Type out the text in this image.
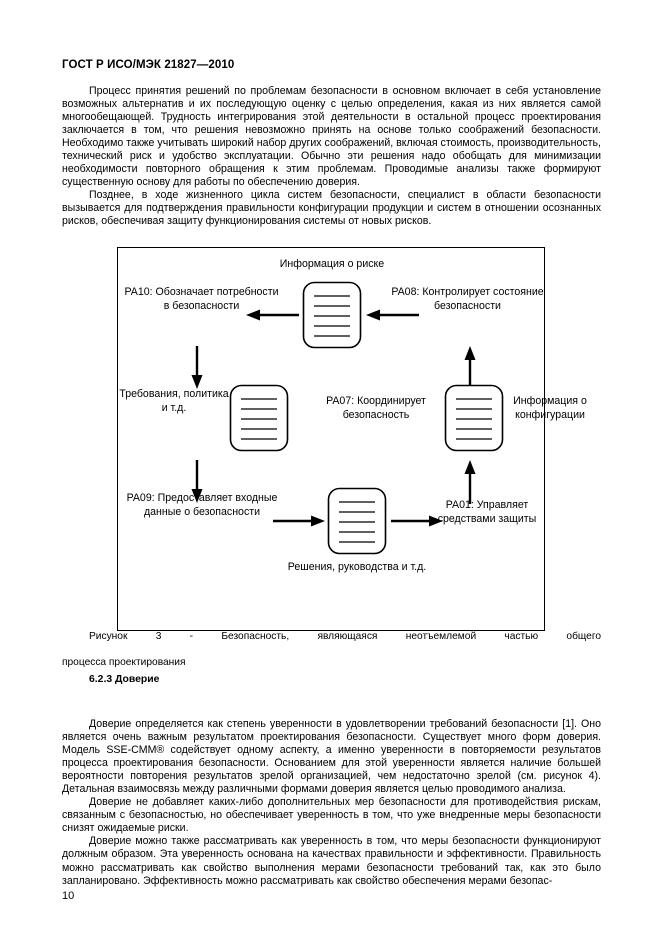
ГОСТ Р ИСО/МЭК 21827—2010

Процесс принятия решений по проблемам безопасности в основном включает в себя установление возможных альтернатив и их последующую оценку с целью определения, какая из них является самой многообещающей. Трудность интегрирования этой деятельности в остальной процесс проектирования заключается в том, что решения невозможно принять на основе только соображений безопасности. Необходимо также учитывать широкий набор других соображений, включая стоимость, производительность, технический риск и удобство эксплуатации. Обычно эти решения надо обобщать для минимизации необходимости повторного обращения к этим проблемам. Проводимые анализы также формируют существенную основу для работы по обеспечению доверия.

Позднее, в ходе жизненного цикла систем безопасности, специалист в области безопасности вызывается для подтверждения правильности конфигурации продукции и систем в отношении осознанных рисков, обеспечивая защиту функционирования системы от новых рисков.

Информация о риске
PA10: Обозначает потребности в безопасности
PA08: Контролирует состояние безопасности
Требования, политика и т.д.
PA07: Координирует безопасность
Информация о конфигурации
PA09: Предоставляет входные данные о безопасности
PA01: Управляет средствами защиты
Решения, руководства и т.д.
Рисунок 3 - Безопасность, являющаяся неотъемлемой частью общего
процесса проектирования
6.2.3 Доверие

Доверие определяется как степень уверенности в удовлетворении требований безопасности [1]. Оно является очень важным результатом проектирования безопасности. Существует много форм доверия. Модель SSE-CMM® содействует одному аспекту, а именно уверенности в повторяемости результатов процесса проектирования безопасности. Основанием для этой уверенности является наличие большей вероятности повторения результатов зрелой организацией, чем недостаточно зрелой (см. рисунок 4). Детальная взаимосвязь между различными формами доверия является целью проводимого анализа.

Доверие не добавляет каких-либо дополнительных мер безопасности для противодействия рискам, связанным с безопасностью, но обеспечивает уверенность в том, что уже внедренные меры безопасности снизят ожидаемые риски.

Доверие можно также рассматривать как уверенность в том, что меры безопасности функционируют должным образом. Эта уверенность основана на качествах правильности и эффективности. Правильность можно рассматривать как свойство выполнения мерами безопасности требований так, как это было запланировано. Эффективность можно рассматривать как свойство обеспечения мерами безопас-

10
